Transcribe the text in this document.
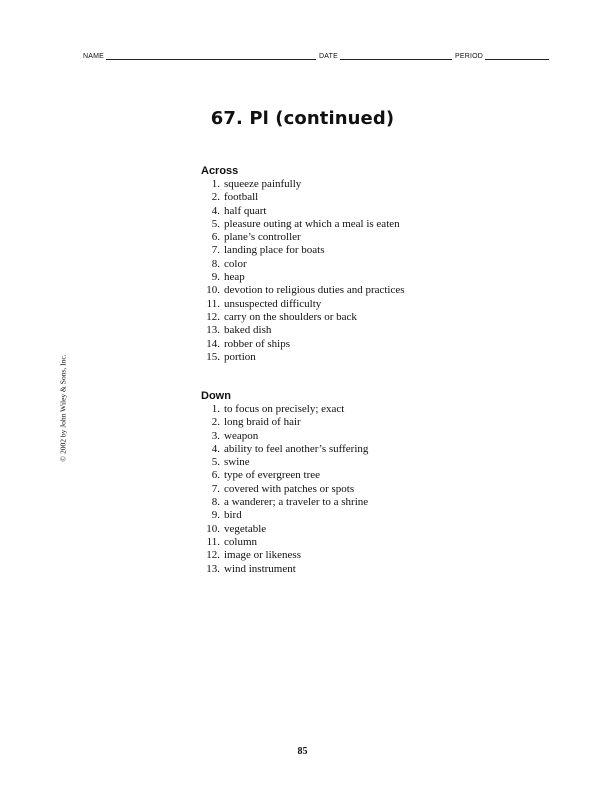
NAME	DATE	PERIOD
67. Pl (continued)
Across
1. squeeze painfully
2. football
4. half quart
5. pleasure outing at which a meal is eaten
6. plane’s controller
7. landing place for boats
8. color
9. heap
10. devotion to religious duties and practices
11. unsuspected difficulty
12. carry on the shoulders or back
13. baked dish
14. robber of ships
15. portion
Down
1. to focus on precisely; exact
2. long braid of hair
3. weapon
4. ability to feel another’s suffering
5. swine
6. type of evergreen tree
7. covered with patches or spots
8. a wanderer; a traveler to a shrine
9. bird
10. vegetable
11. column
12. image or likeness
13. wind instrument
© 2002 by John Wiley & Sons, Inc.
85
